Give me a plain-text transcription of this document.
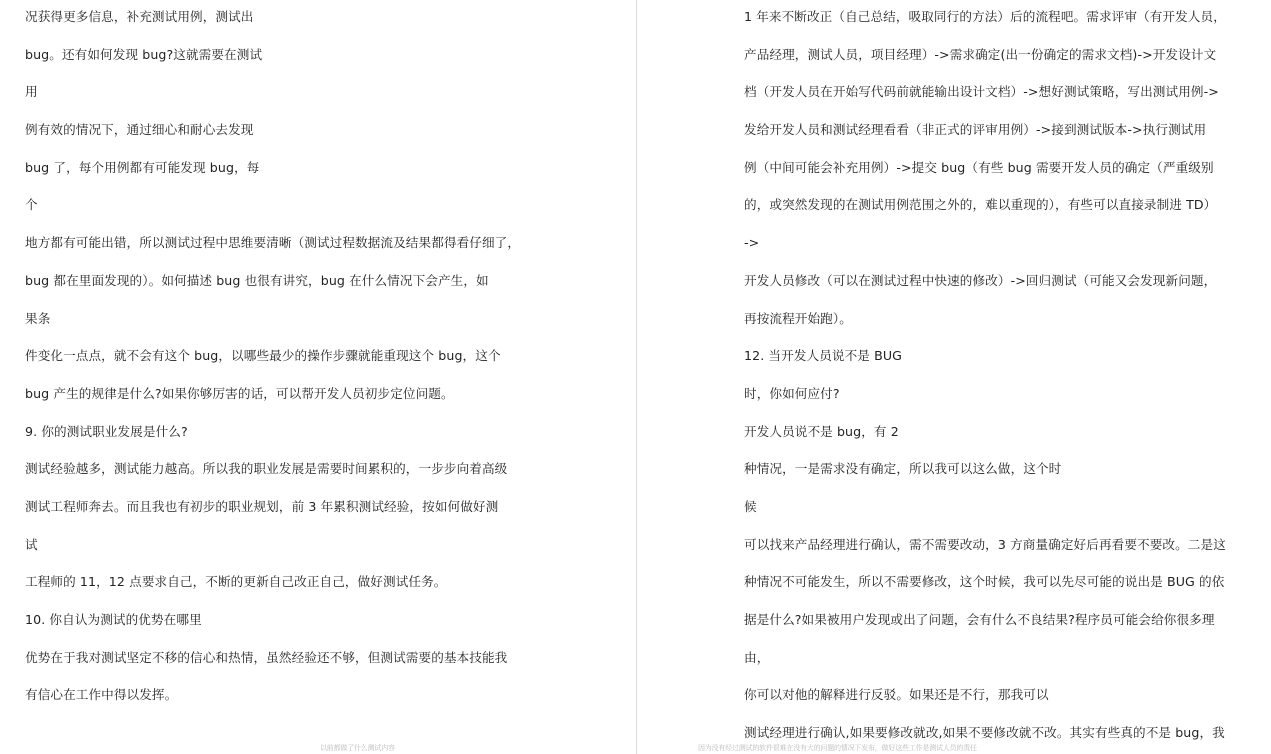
况获得更多信息，补充测试用例，测试出
bug。还有如何发现 bug?这就需要在测试
用
例有效的情况下，通过细心和耐心去发现
bug 了，每个用例都有可能发现 bug，每
个
地方都有可能出错，所以测试过程中思维要清晰（测试过程数据流及结果都得看仔细了，
bug 都在里面发现的）。如何描述 bug 也很有讲究，bug 在什么情况下会产生，如
果条
件变化一点点，就不会有这个 bug，以哪些最少的操作步骤就能重现这个 bug，这个
bug 产生的规律是什么?如果你够厉害的话，可以帮开发人员初步定位问题。
9. 你的测试职业发展是什么?
测试经验越多，测试能力越高。所以我的职业发展是需要时间累积的，一步步向着高级
测试工程师奔去。而且我也有初步的职业规划，前 3 年累积测试经验，按如何做好测
试
工程师的 11，12 点要求自己，不断的更新自己改正自己，做好测试任务。
10. 你自认为测试的优势在哪里
优势在于我对测试坚定不移的信心和热情，虽然经验还不够，但测试需要的基本技能我
有信心在工作中得以发挥。
以前都做了什么测试内容
1 年来不断改正（自己总结，吸取同行的方法）后的流程吧。需求评审（有开发人员，
产品经理，测试人员，项目经理）->需求确定(出一份确定的需求文档)->开发设计文
档（开发人员在开始写代码前就能输出设计文档）->想好测试策略，写出测试用例->
发给开发人员和测试经理看看（非正式的评审用例）->接到测试版本->执行测试用
例（中间可能会补充用例）->提交 bug（有些 bug 需要开发人员的确定（严重级别
的，或突然发现的在测试用例范围之外的，难以重现的），有些可以直接录制进 TD）
->
开发人员修改（可以在测试过程中快速的修改）->回归测试（可能又会发现新问题，
再按流程开始跑）。
12. 当开发人员说不是 BUG
时，你如何应付?
开发人员说不是 bug，有 2
种情况，一是需求没有确定，所以我可以这么做，这个时
候
可以找来产品经理进行确认，需不需要改动，3 方商量确定好后再看要不要改。二是这
种情况不可能发生，所以不需要修改，这个时候，我可以先尽可能的说出是 BUG 的依
据是什么?如果被用户发现或出了问题，会有什么不良结果?程序员可能会给你很多理
由，
你可以对他的解释进行反驳。如果还是不行，那我可以
测试经理进行确认,如果要修改就改,如果不要修改就不改。其实有些真的不是 bug，我
因为没有经过测试的软件很难在没有大的问题的情况下发布，做好这些工作是测试人员的责任
